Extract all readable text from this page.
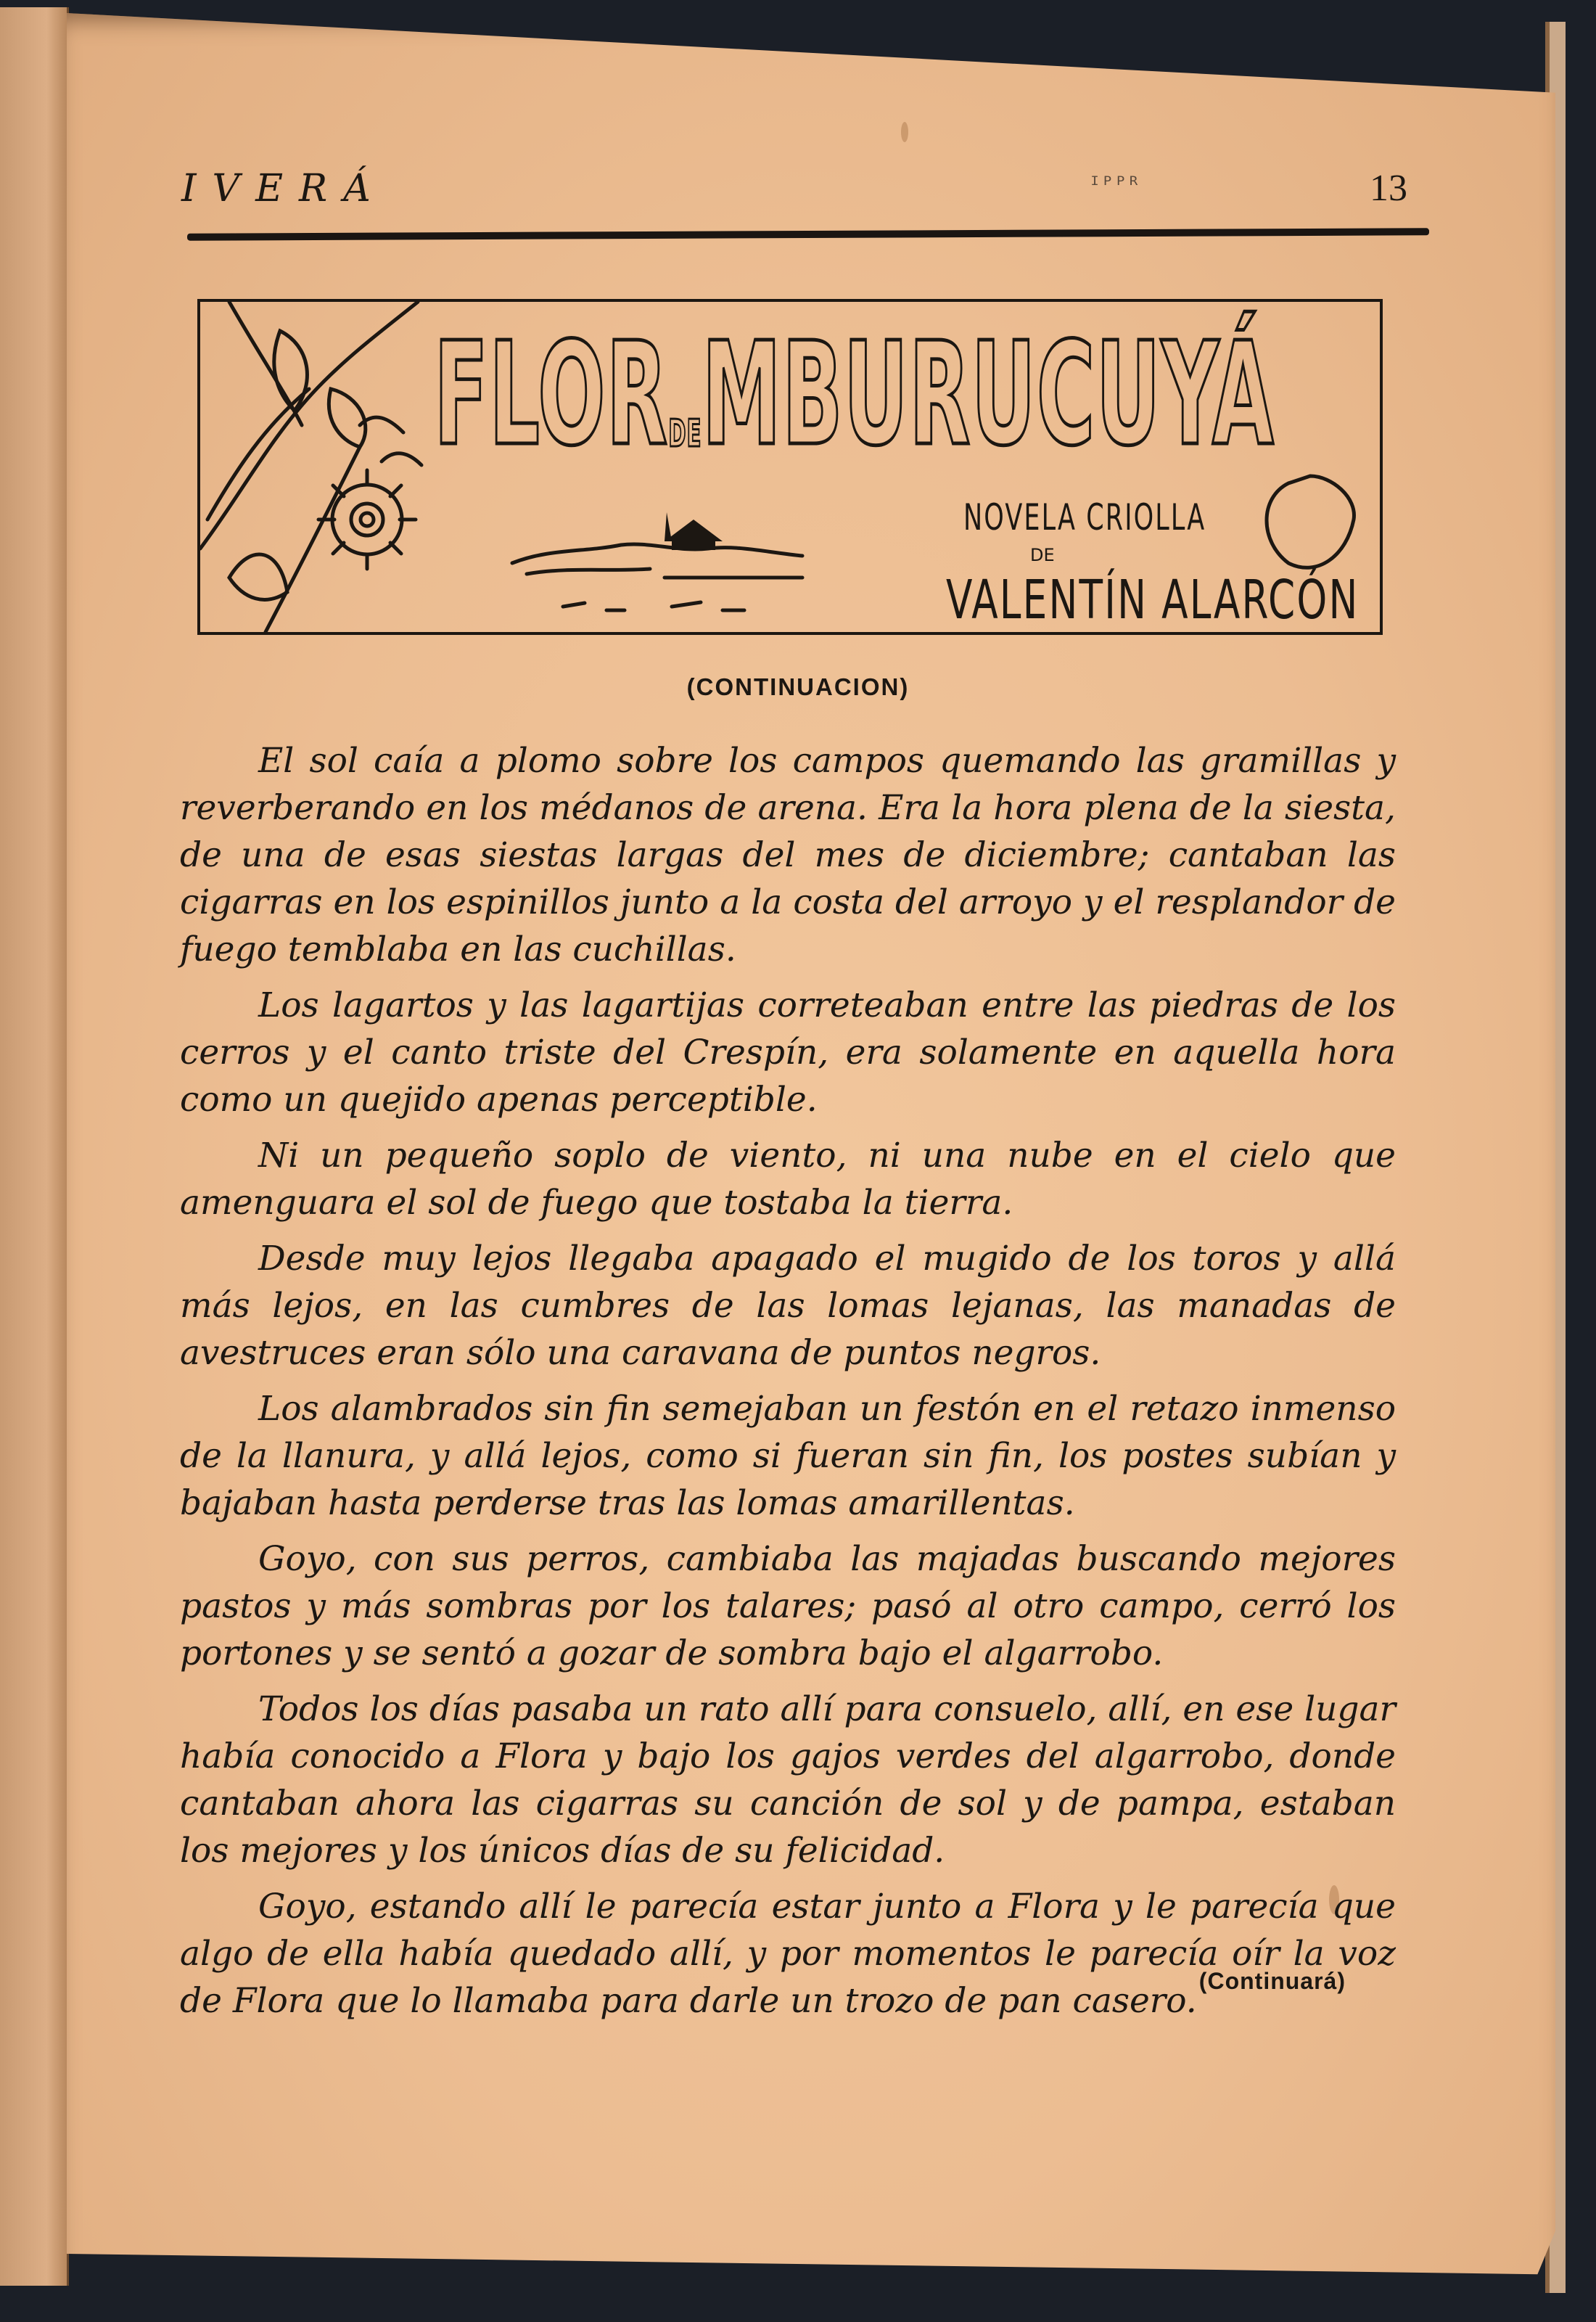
IVERÁ	ᴵᴾᴾᴿ	13
FLORDEMBURUCUYÁ
NOVELA CRIOLLA
DE
VALENTÍN ALARCÓN
(CONTINUACION)

El sol caía a plomo sobre los campos quemando las gramillas y reverberando en los médanos de arena. Era la hora plena de la siesta, de una de esas siestas largas del mes de diciembre; cantaban las cigarras en los espinillos junto a la costa del arroyo y el resplandor de fuego temblaba en las cuchillas.

Los lagartos y las lagartijas correteaban entre las piedras de los cerros y el canto triste del Crespín, era solamente en aquella hora como un quejido apenas perceptible.

Ni un pequeño soplo de viento, ni una nube en el cielo que amenguara el sol de fuego que tostaba la tierra.

Desde muy lejos llegaba apagado el mugido de los toros y allá más lejos, en las cumbres de las lomas lejanas, las manadas de avestruces eran sólo una caravana de puntos negros.

Los alambrados sin fin semejaban un festón en el retazo inmenso de la llanura, y allá lejos, como si fueran sin fin, los postes subían y bajaban hasta perderse tras las lomas amarillentas.

Goyo, con sus perros, cambiaba las majadas buscando mejores pastos y más sombras por los talares; pasó al otro campo, cerró los portones y se sentó a gozar de sombra bajo el algarrobo.

Todos los días pasaba un rato allí para consuelo, allí, en ese lugar había conocido a Flora y bajo los gajos verdes del algarrobo, donde cantaban ahora las cigarras su canción de sol y de pampa, estaban los mejores y los únicos días de su felicidad.

Goyo, estando allí le parecía estar junto a Flora y le parecía que algo de ella había quedado allí, y por momentos le parecía oír la voz de Flora que lo llamaba para darle un trozo de pan casero. (Continuará)
